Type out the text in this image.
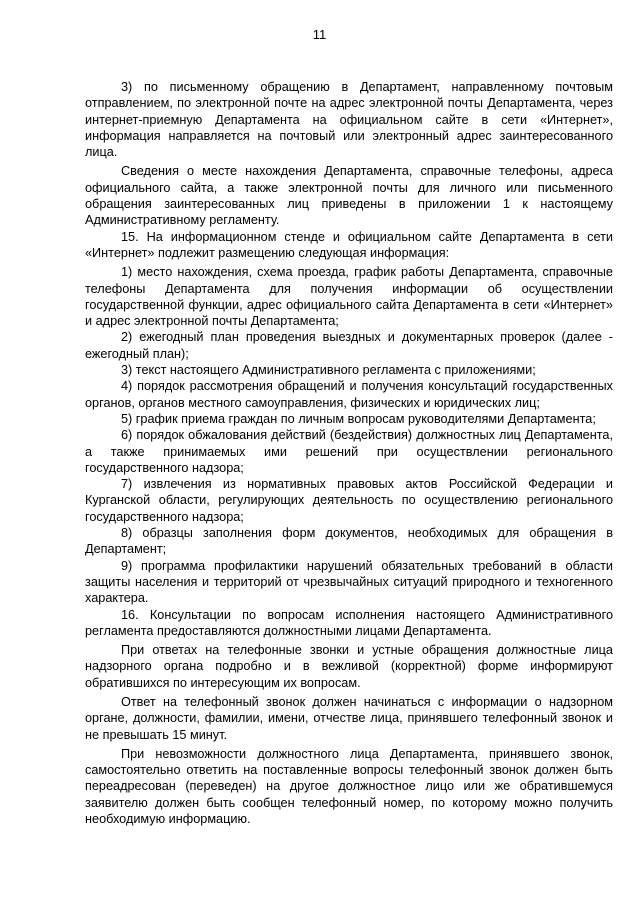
11

3) по письменному обращению в Департамент, направленному почтовым отправлением, по электронной почте на адрес электронной почты Департамента, через интернет-приемную Департамента на официальном сайте в сети «Интернет», информация направляется на почтовый или электронный адрес заинтересованного лица.

Сведения о месте нахождения Департамента, справочные телефоны, адреса официального сайта, а также электронной почты для личного или письменного обращения заинтересованных лиц приведены в приложении 1 к настоящему Административному регламенту.

15. На информационном стенде и официальном сайте Департамента в сети «Интернет» подлежит размещению следующая информация:

1) место нахождения, схема проезда, график работы Департамента, справочные телефоны Департамента для получения информации об осуществлении государственной функции, адрес официального сайта Департамента в сети «Интернет» и адрес электронной почты Департамента;

2) ежегодный план проведения выездных и документарных проверок (далее - ежегодный план);

3) текст настоящего Административного регламента с приложениями;

4) порядок рассмотрения обращений и получения консультаций государственных органов, органов местного самоуправления, физических и юридических лиц;

5) график приема граждан по личным вопросам руководителями Департамента;

6) порядок обжалования действий (бездействия) должностных лиц Департамента, а также принимаемых ими решений при осуществлении регионального государственного надзора;

7) извлечения из нормативных правовых актов Российской Федерации и Курганской области, регулирующих деятельность по осуществлению регионального государственного надзора;

8) образцы заполнения форм документов, необходимых для обращения в Департамент;

9) программа профилактики нарушений обязательных требований в области защиты населения и территорий от чрезвычайных ситуаций природного и техногенного характера.

16. Консультации по вопросам исполнения настоящего Административного регламента предоставляются должностными лицами Департамента.

При ответах на телефонные звонки и устные обращения должностные лица надзорного органа подробно и в вежливой (корректной) форме информируют обратившихся по интересующим их вопросам.

Ответ на телефонный звонок должен начинаться с информации о надзорном органе, должности, фамилии, имени, отчестве лица, принявшего телефонный звонок и не превышать 15 минут.

При невозможности должностного лица Департамента, принявшего звонок, самостоятельно ответить на поставленные вопросы телефонный звонок должен быть переадресован (переведен) на другое должностное лицо или же обратившемуся заявителю должен быть сообщен телефонный номер, по которому можно получить необходимую информацию.
